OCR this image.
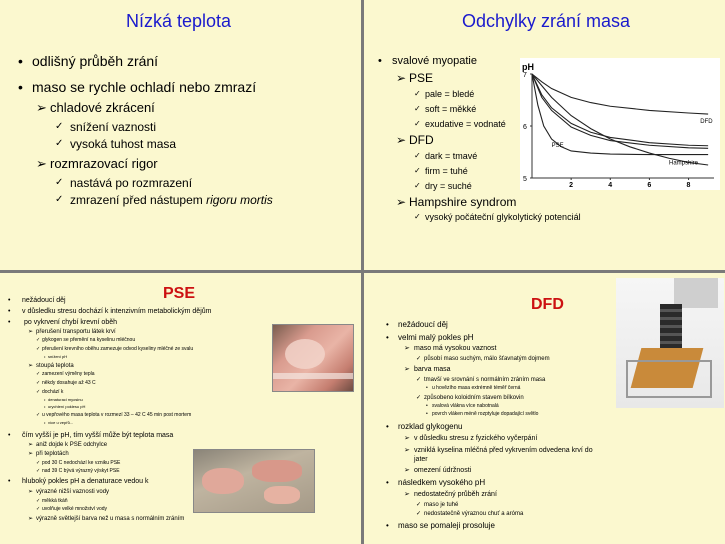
Nízká teplota
• odlišný průběh zrání
• maso se rychle ochladí nebo zmrazí
➢ chladové zkrácení
✓ snížení vaznosti
✓ vysoká tuhost masa
➢ rozmrazovací rigor
✓ nastává po rozmrazení
✓ zmrazení před nástupem rigoru mortis
Odchylky zrání masa
• svalové myopatie
➢ PSE
✓ pale = bledé
✓ soft = měkké
✓ exudative = vodnaté
➢ DFD
✓ dark = tmavé
✓ firm = tuhé
✓ dry = suché
➢ Hampshire syndrom
✓ vysoký počáteční glykolytický potenciál
pH
7
6
5
2	4	6	8
DFD
PSE
Hampshire
PSE
• nežádoucí děj
• v důsledku stresu dochází k intenzivním metabolickým dějům
• po vykrvení chybí krevní oběh
➢ přerušení transportu látek krví
✓ glykogen se přemění na kyselinu mléčnou
✓ přerušení krevního oběhu zamezuje odvod kyseliny mléčné ze svalu
• snížení pH
➢ stoupá teplota
✓ zamezení výměny tepla
✓ někdy dosahuje až 43 C
✓ dochází k
• denaturaci myosinu
• urychlení poklesu pH
✓ u vepřového masa teplota v rozmezí 33 – 42 C 45 min post mortem
• více u vepřů...
• čím vyšší je pH, tím vyšší může být teplota masa
➢ aniž dojde k PSE odchylce
➢ při teplotách
✓ pod 30 C nedochází ke vzniku PSE
✓ nad 39 C bývá výrazný výskyt PSE
• hluboký pokles pH a denaturace vedou k
➢ výrazné nižší vaznosti vody
✓ měkká tkáň
✓ uvolňuje velké množství vody
➢ výrazně světlejší barva než u masa s normálním zráním
DFD
• nežádoucí děj
• velmi malý pokles pH
➢ maso má vysokou vaznost
✓ působí maso suchým, málo šťavnatým dojmem
➢ barva masa
✓ tmavší ve srovnání s normálním zráním masa
• u hovězího masa extrémně téměř černá
✓ způsobeno koloidním stavem bílkovin
• svalová vlákna více nabotnalá
• povrch vláken méně rozptyluje dopadající světlo
• rozklad glykogenu
➢ v důsledku stresu z fyzického vyčerpání
➢ vzniklá kyselina mléčná před vykrvením odvedena krví do
jater
➢ omezení údržnosti
• následkem vysokého pH
➢ nedostatečný průběh zrání
✓ maso je tuhé
✓ nedostatečně výraznou chuť a aróma
• maso se pomaleji prosoluje
